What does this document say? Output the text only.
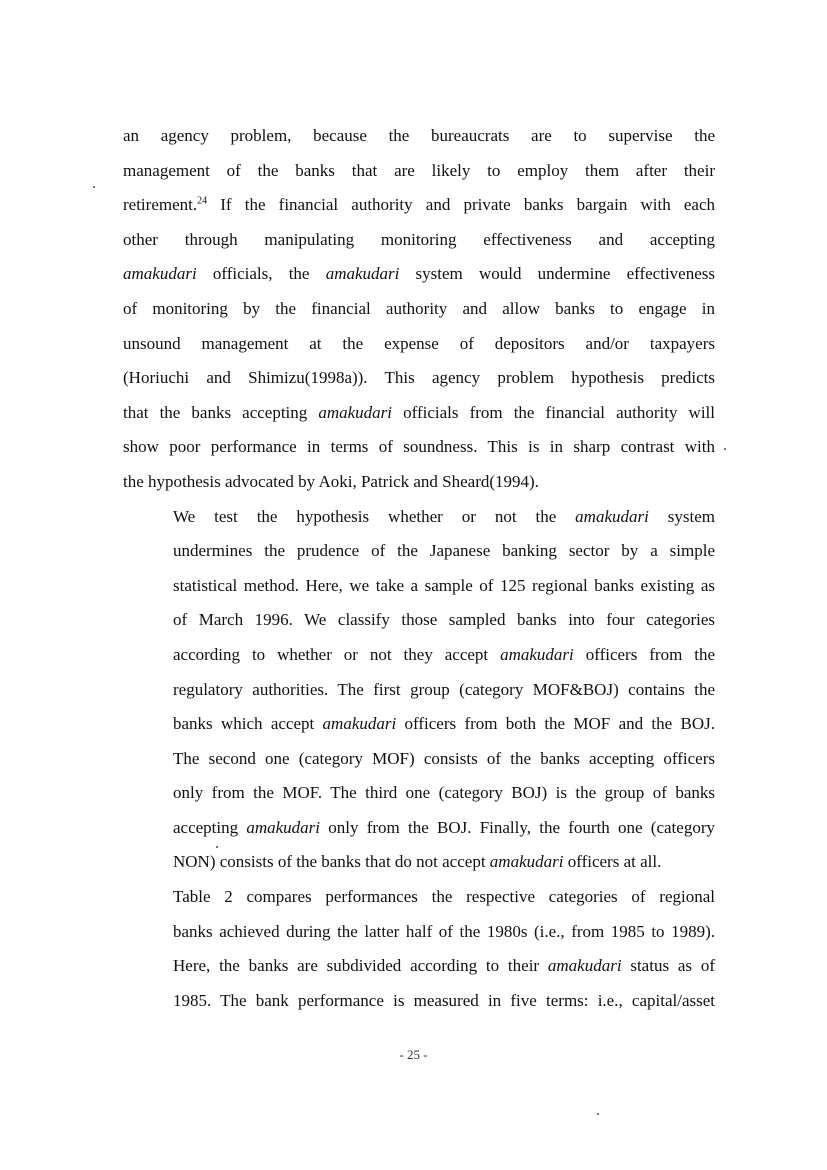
an agency problem, because the bureaucrats are to supervise the
management of the banks that are likely to employ them after their
retirement.$^{24}$ If the financial authority and private banks bargain with each
other through manipulating monitoring effectiveness and accepting
amakudari officials, the amakudari system would undermine effectiveness
of monitoring by the financial authority and allow banks to engage in
unsound management at the expense of depositors and/or taxpayers
(Horiuchi and Shimizu(1998a)). This agency problem hypothesis predicts
that the banks accepting amakudari officials from the financial authority will
show poor performance in terms of soundness. This is in sharp contrast with
the hypothesis advocated by Aoki, Patrick and Sheard(1994).

We test the hypothesis whether or not the amakudari system
undermines the prudence of the Japanese banking sector by a simple
statistical method. Here, we take a sample of 125 regional banks existing as
of March 1996. We classify those sampled banks into four categories
according to whether or not they accept amakudari officers from the
regulatory authorities. The first group (category MOF&BOJ) contains the
banks which accept amakudari officers from both the MOF and the BOJ.
The second one (category MOF) consists of the banks accepting officers
only from the MOF. The third one (category BOJ) is the group of banks
accepting amakudari only from the BOJ. Finally, the fourth one (category
NON) consists of the banks that do not accept amakudari officers at all.

Table 2 compares performances the respective categories of regional
banks achieved during the latter half of the 1980s (i.e., from 1985 to 1989).
Here, the banks are subdivided according to their amakudari status as of
1985. The bank performance is measured in five terms: i.e., capital/asset

- 25 -
